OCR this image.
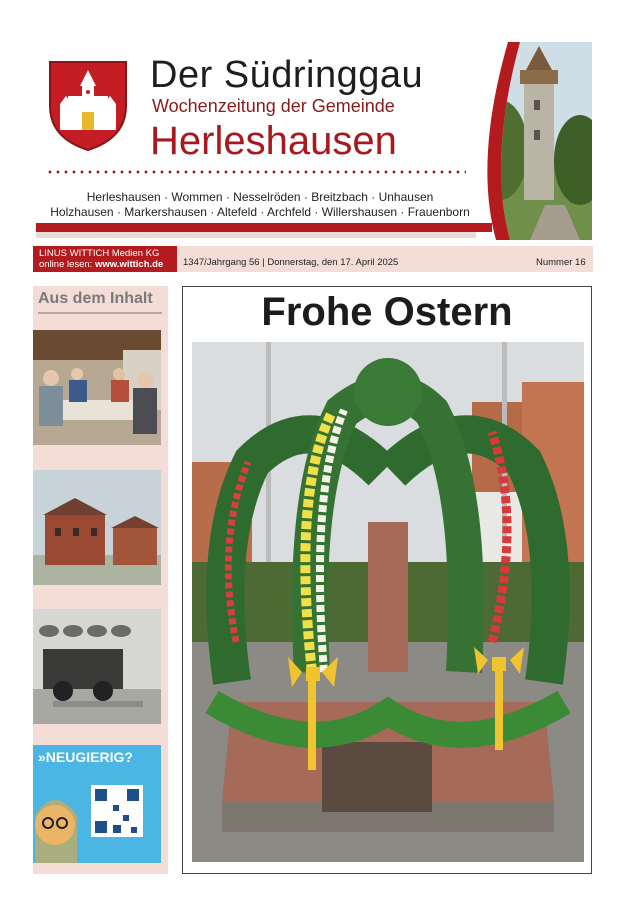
Der Südringgau
Wochenzeitung der Gemeinde
Herleshausen
Herleshausen · Wommen · Nesselröden · Breitzbach · Unhausen
Holzhausen · Markershausen · Altefeld · Archfeld · Willershausen · Frauenborn
LINUS WITTICH Medien KG
online lesen: www.wittich.de 1347/Jahrgang 56 | Donnerstag, den 17. April 2025	Nummer 16
Aus dem Inhalt
»NEUGIERIG?
Frohe Ostern
